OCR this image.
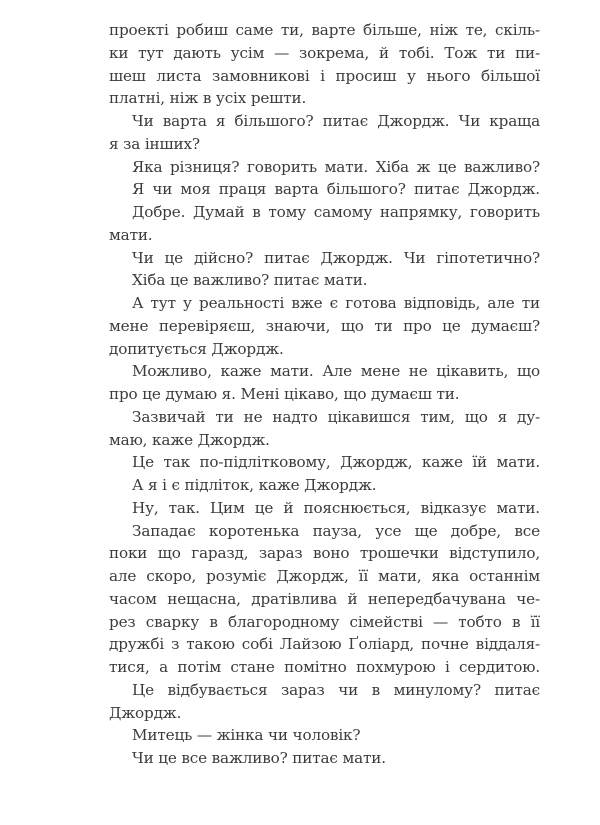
проекті робиш саме ти, варте більше, ніж те, скіль-
ки тут дають усім — зокрема, й тобі. Тож ти пи-
шеш листа замовникові і просиш у нього більшої
платні, ніж в усіх решти.
Чи варта я більшого? питає Джордж. Чи краща
я за інших?
Яка різниця? говорить мати. Хіба ж це важливо?
Я чи моя праця варта більшого? питає Джордж.
Добре. Думай в тому самому напрямку, говорить
мати.
Чи це дійсно? питає Джордж. Чи гіпотетично?
Хіба це важливо? питає мати.
А тут у реальності вже є готова відповідь, але ти
мене перевіряєш, знаючи, що ти про це думаєш?
допитується Джордж.
Можливо, каже мати. Але мене не цікавить, що
про це думаю я. Мені цікаво, що думаєш ти.
Зазвичай ти не надто цікавишся тим, що я ду-
маю, каже Джордж.
Це так по-підлітковому, Джордж, каже їй мати.
А я і є підліток, каже Джордж.
Ну, так. Цим це й пояснюється, відказує мати.
Западає коротенька пауза, усе ще добре, все
поки що гаразд, зараз воно трошечки відступило,
але скоро, розуміє Джордж, її мати, яка останнім
часом нещасна, дратівлива й непередбачувана че-
рез сварку в благородному сімействі — тобто в її
дружбі з такою собі Лайзою Ґоліард, почне віддаля-
тися, а потім стане помітно похмурою і сердитою.
Це відбувається зараз чи в минулому? питає
Джордж.
Митець — жінка чи чоловік?
Чи це все важливо? питає мати.
